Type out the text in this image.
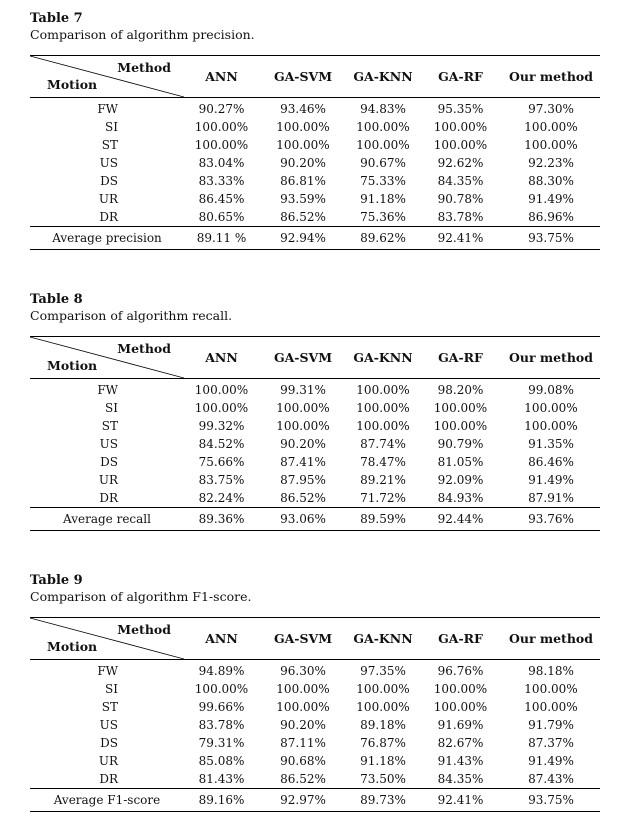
Table 7

Comparison of algorithm precision.

Method
Motion	ANN	GA-SVM	GA-KNN	GA-RF	Our method
FW	90.27%	93.46%	94.83%	95.35%	97.30%
SI	100.00%	100.00%	100.00%	100.00%	100.00%
ST	100.00%	100.00%	100.00%	100.00%	100.00%
US	83.04%	90.20%	90.67%	92.62%	92.23%
DS	83.33%	86.81%	75.33%	84.35%	88.30%
UR	86.45%	93.59%	91.18%	90.78%	91.49%
DR	80.65%	86.52%	75.36%	83.78%	86.96%
Average precision	89.11 %	92.94%	89.62%	92.41%	93.75%

Table 8

Comparison of algorithm recall.

Method
Motion	ANN	GA-SVM	GA-KNN	GA-RF	Our method
FW	100.00%	99.31%	100.00%	98.20%	99.08%
SI	100.00%	100.00%	100.00%	100.00%	100.00%
ST	99.32%	100.00%	100.00%	100.00%	100.00%
US	84.52%	90.20%	87.74%	90.79%	91.35%
DS	75.66%	87.41%	78.47%	81.05%	86.46%
UR	83.75%	87.95%	89.21%	92.09%	91.49%
DR	82.24%	86.52%	71.72%	84.93%	87.91%
Average recall	89.36%	93.06%	89.59%	92.44%	93.76%

Table 9

Comparison of algorithm F1-score.

Method
Motion	ANN	GA-SVM	GA-KNN	GA-RF	Our method
FW	94.89%	96.30%	97.35%	96.76%	98.18%
SI	100.00%	100.00%	100.00%	100.00%	100.00%
ST	99.66%	100.00%	100.00%	100.00%	100.00%
US	83.78%	90.20%	89.18%	91.69%	91.79%
DS	79.31%	87.11%	76.87%	82.67%	87.37%
UR	85.08%	90.68%	91.18%	91.43%	91.49%
DR	81.43%	86.52%	73.50%	84.35%	87.43%
Average F1-score	89.16%	92.97%	89.73%	92.41%	93.75%
